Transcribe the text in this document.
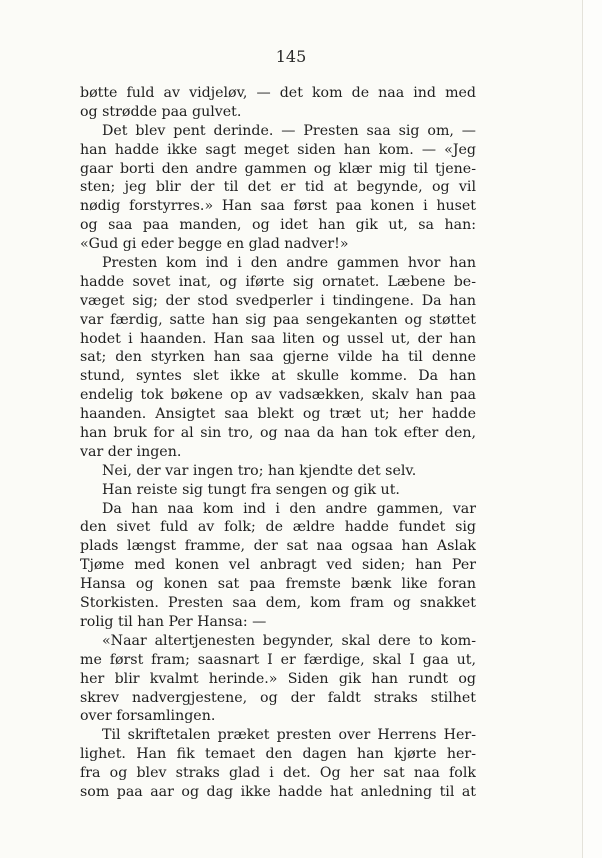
145
bøtte fuld av vidjeløv, — det kom de naa ind med
og strødde paa gulvet.
Det blev pent derinde. — Presten saa sig om, —
han hadde ikke sagt meget siden han kom. — «Jeg
gaar borti den andre gammen og klær mig til tjene-
sten; jeg blir der til det er tid at begynde, og vil
nødig forstyrres.» Han saa først paa konen i huset
og saa paa manden, og idet han gik ut, sa han:
«Gud gi eder begge en glad nadver!»
Presten kom ind i den andre gammen hvor han
hadde sovet inat, og iførte sig ornatet. Læbene be-
væget sig; der stod svedperler i tindingene. Da han
var færdig, satte han sig paa sengekanten og støttet
hodet i haanden. Han saa liten og ussel ut, der han
sat; den styrken han saa gjerne vilde ha til denne
stund, syntes slet ikke at skulle komme. Da han
endelig tok bøkene op av vadsækken, skalv han paa
haanden. Ansigtet saa blekt og træt ut; her hadde
han bruk for al sin tro, og naa da han tok efter den,
var der ingen.
Nei, der var ingen tro; han kjendte det selv.
Han reiste sig tungt fra sengen og gik ut.
Da han naa kom ind i den andre gammen, var
den sivet fuld av folk; de ældre hadde fundet sig
plads længst framme, der sat naa ogsaa han Aslak
Tjøme med konen vel anbragt ved siden; han Per
Hansa og konen sat paa fremste bænk like foran
Storkisten. Presten saa dem, kom fram og snakket
rolig til han Per Hansa: —
«Naar altertjenesten begynder, skal dere to kom-
me først fram; saasnart I er færdige, skal I gaa ut,
her blir kvalmt herinde.» Siden gik han rundt og
skrev nadvergjestene, og der faldt straks stilhet
over forsamlingen.
Til skriftetalen præket presten over Herrens Her-
lighet. Han fik temaet den dagen han kjørte her-
fra og blev straks glad i det. Og her sat naa folk
som paa aar og dag ikke hadde hat anledning til at
